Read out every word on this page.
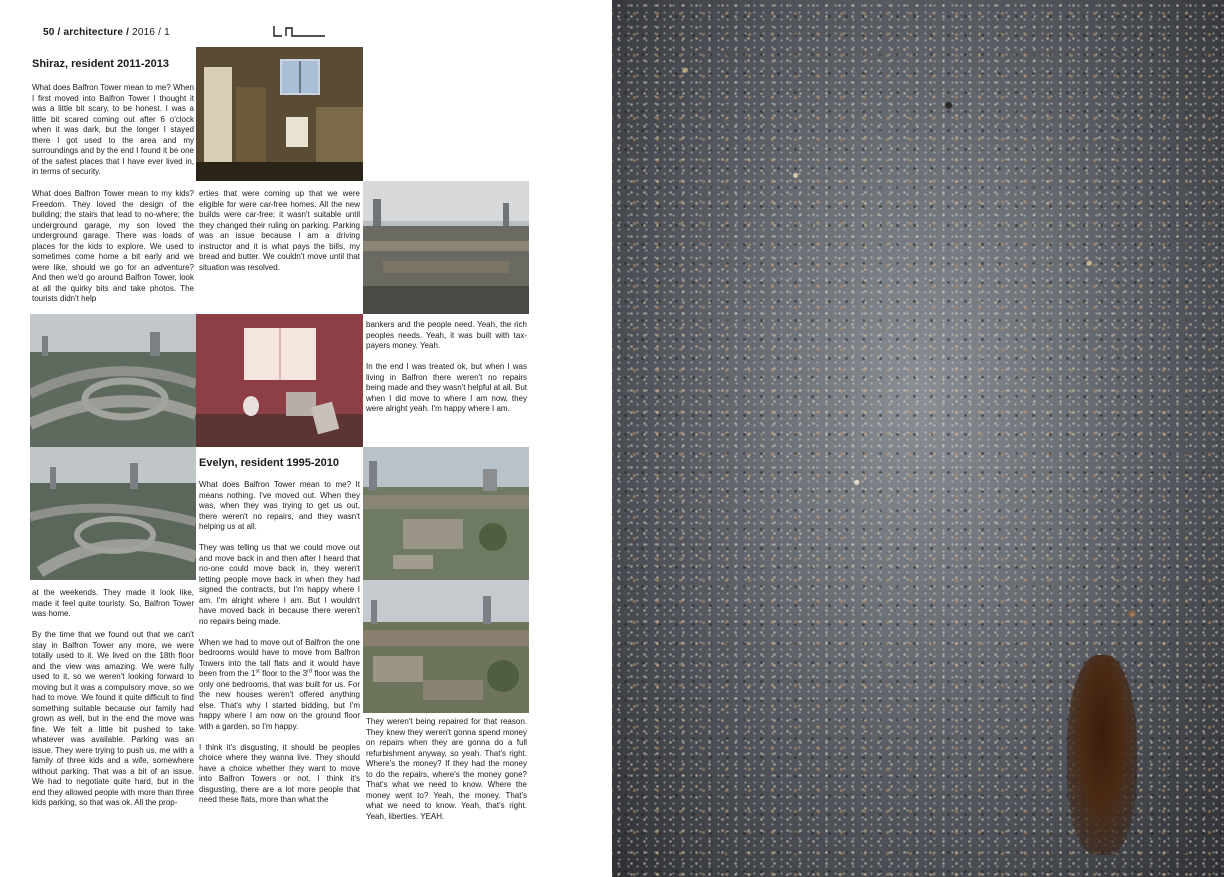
50 / architecture / 2016 / 1
Shiraz, resident 2011-2013

What does Balfron Tower mean to me? When I first moved into Balfron Tower I thought it was a little bit scary, to be honest. I was a little bit scared coming out after 6 o'clock when it was dark, but the longer I stayed there I got used to the area and my surroundings and by the end I found it be one of the safest places that I have ever lived in, in terms of security.

What does Balfron Tower mean to my kids? Freedom. They loved the design of the building; the stairs that lead to no-where; the underground garage, my son loved the underground garage. There was loads of places for the kids to explore. We used to sometimes come home a bit early and we were like, should we go for an adventure? And then we'd go around Balfron Tower, look at all the quirky bits and take photos. The tourists didn't help

at the weekends. They made it look like, made it feel quite touristy. So, Balfron Tower was home.

By the time that we found out that we can't stay in Balfron Tower any more, we were totally used to it. We lived on the 18th floor and the view was amazing. We were fully used to it, so we weren't looking forward to moving but it was a compulsory move, so we had to move. We found it quite difficult to find something suitable because our family had grown as well, but in the end the move was fine. We felt a little bit pushed to take whatever was available. Parking was an issue. They were trying to push us, me with a family of three kids and a wife, somewhere without parking. That was a bit of an issue. We had to negotiate quite hard, but in the end they allowed people with more than three kids parking, so that was ok. All the prop-

erties that were coming up that we were eligible for were car-free homes. All the new builds were car-free; it wasn't suitable until they changed their ruling on parking. Parking was an issue because I am a driving instructor and it is what pays the bills, my bread and butter. We couldn't move until that situation was resolved.

bankers and the people need. Yeah, the rich peoples needs. Yeah, it was built with tax-payers money. Yeah.

In the end I was treated ok, but when I was living in Balfron there weren't no repairs being made and they wasn't helpful at all. But when I did move to where I am now, they were alright yeah. I'm happy where I am.

Evelyn, resident 1995-2010

What does Balfron Tower mean to me? It means nothing. I've moved out. When they was, when they was trying to get us out, there weren't no repairs, and they wasn't helping us at all.

They was telling us that we could move out and move back in and then after I heard that no-one could move back in, they weren't letting people move back in when they had signed the contracts, but I'm happy where I am. I'm alright where I am. But I wouldn't have moved back in because there weren't no repairs being made.

When we had to move out of Balfron the one bedrooms would have to move from Balfron Towers into the tall flats and it would have been from the 1st floor to the 3rd floor was the only one bedrooms, that was built for us. For the new houses weren't offered anything else. That's why I started bidding, but I'm happy where I am now on the ground floor with a garden, so I'm happy.

I think it's disgusting, it should be peoples choice where they wanna live. They should have a choice whether they want to move into Balfron Towers or not. I think it's disgusting, there are a lot more people that need these flats, more than what the

They weren't being repaired for that reason. They knew they weren't gonna spend money on repairs when they are gonna do a full refurbishment anyway, so yeah. That's right. Where's the money? If they had the money to do the repairs, where's the money gone? That's what we need to know. Where the money went to? Yeah, the money. That's what we need to know. Yeah, that's right. Yeah, liberties. YEAH.
